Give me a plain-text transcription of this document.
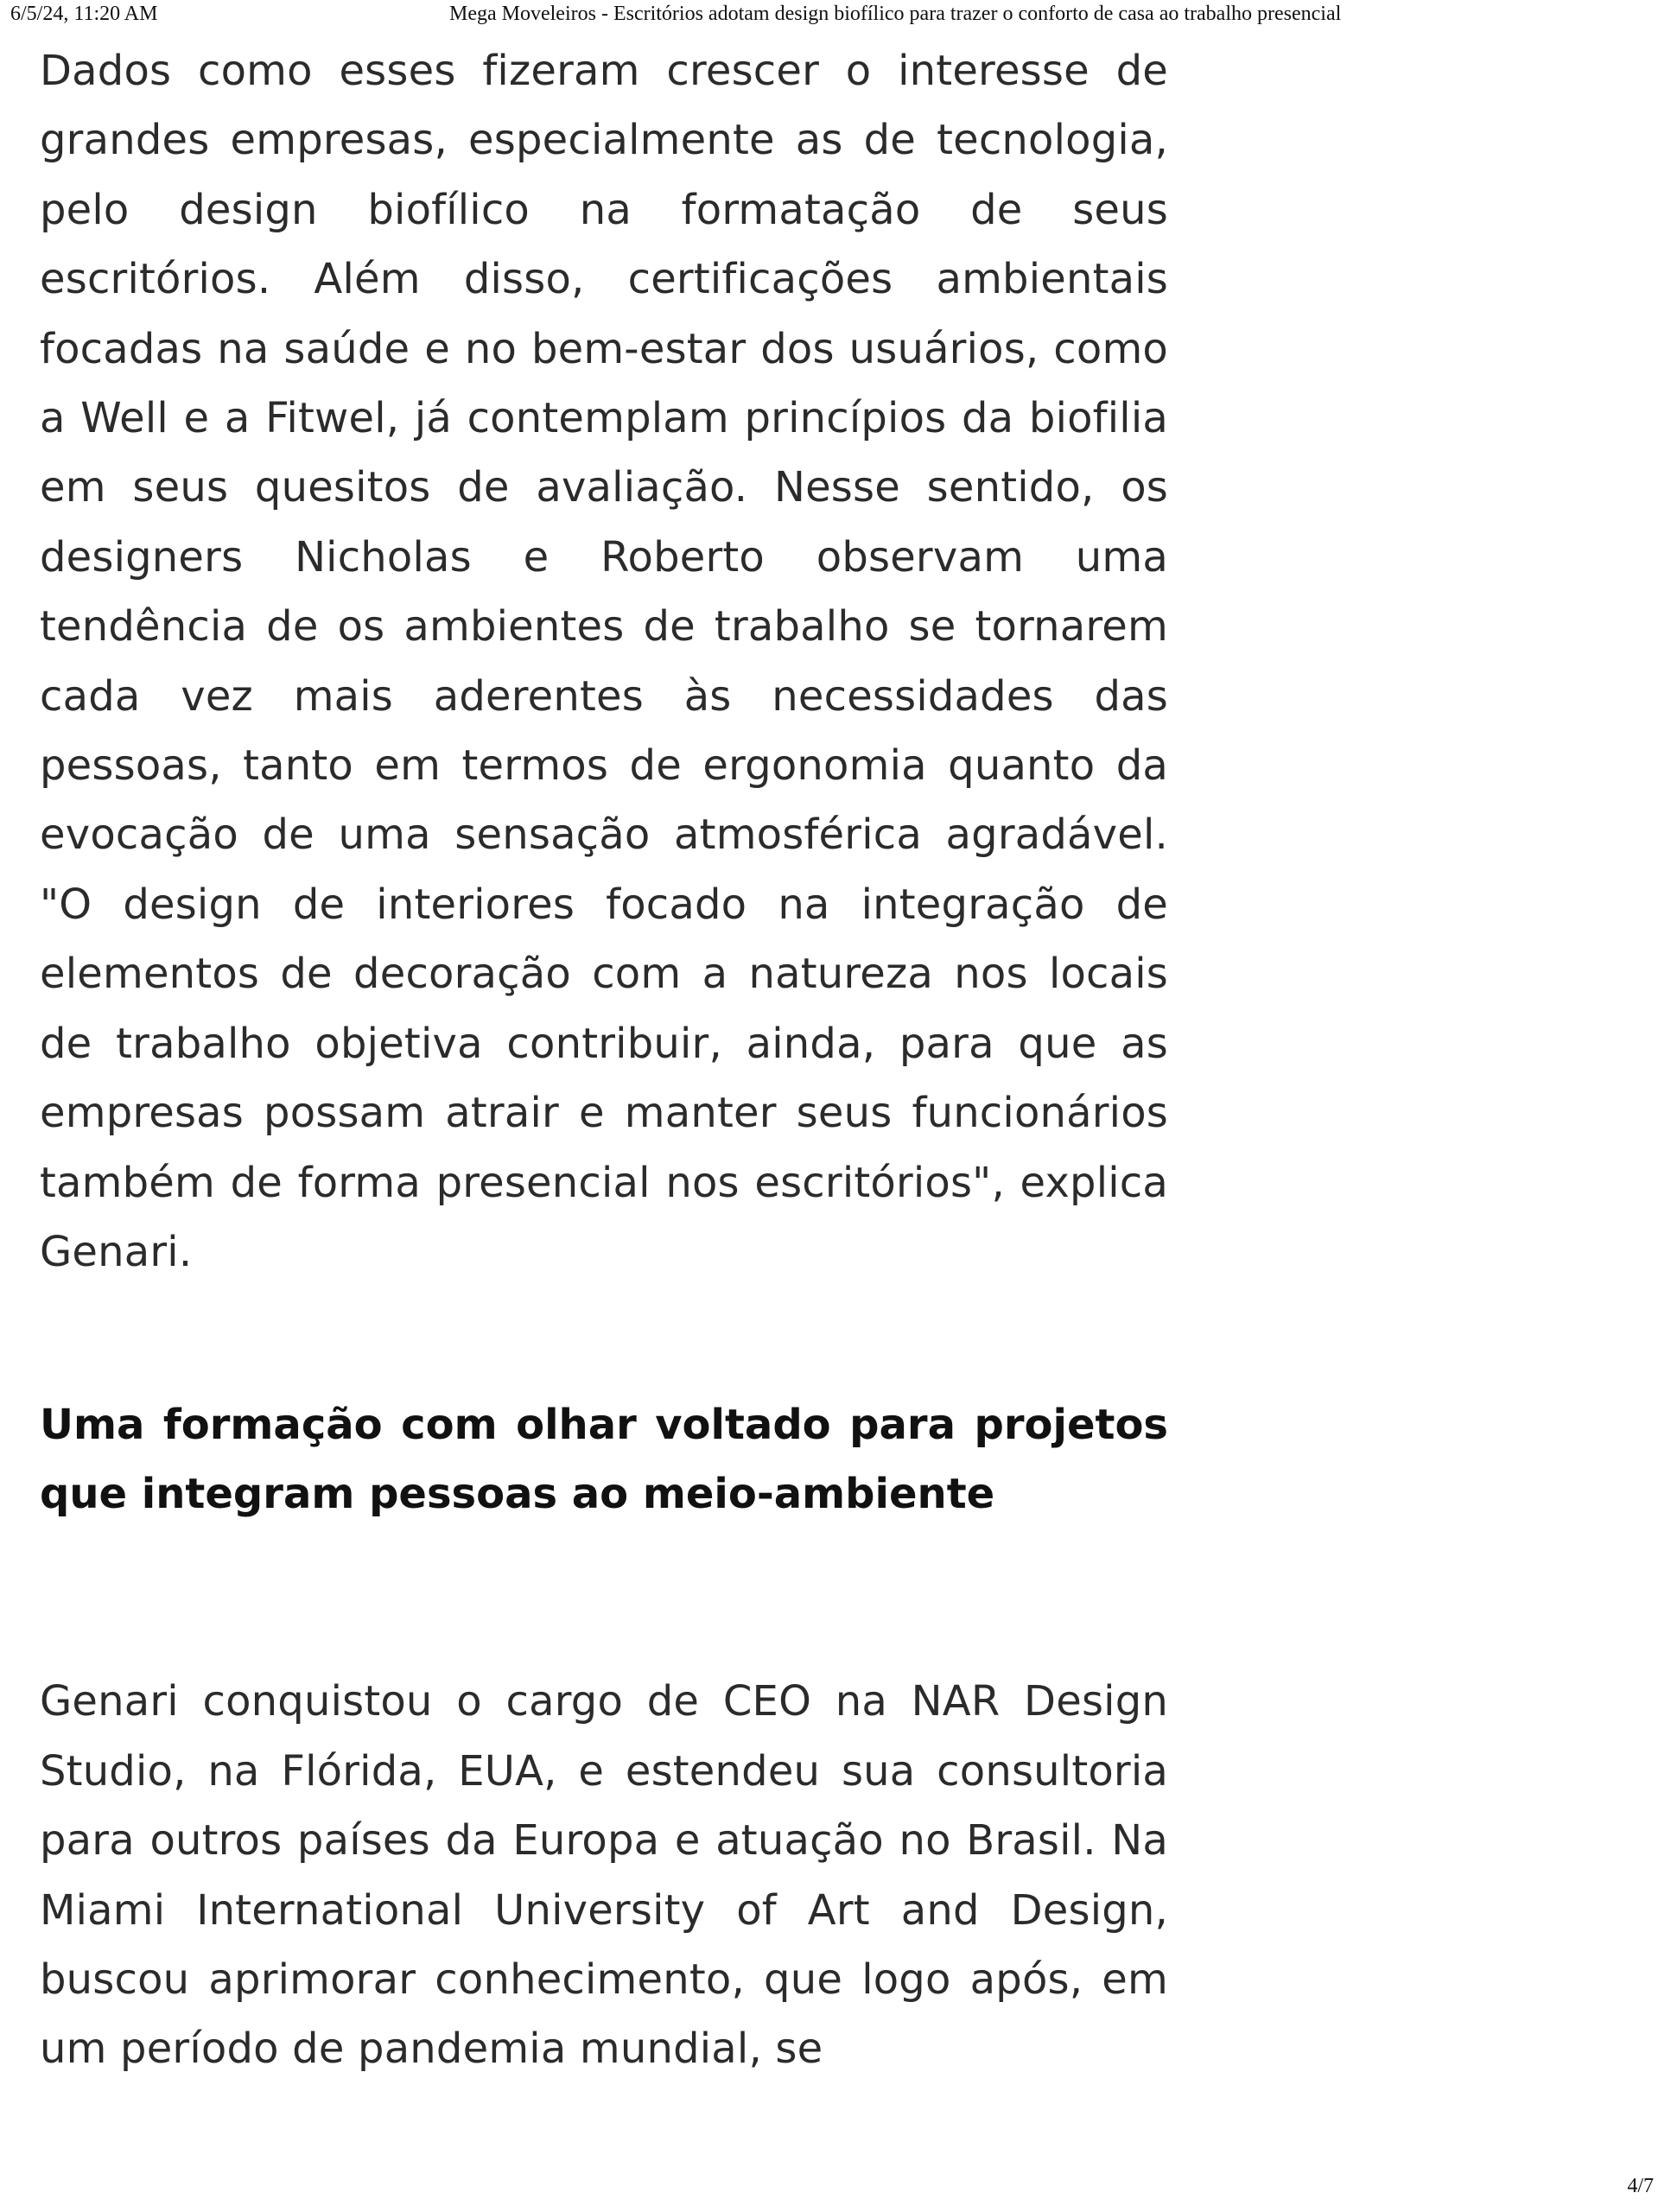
6/5/24, 11:20 AM	Mega Moveleiros - Escritórios adotam design biofílico para trazer o conforto de casa ao trabalho presencial

Dados como esses fizeram crescer o interesse de grandes empresas, especialmente as de tecnologia, pelo design biofílico na formatação de seus escritórios. Além disso, certificações ambientais focadas na saúde e no bem-estar dos usuários, como a Well e a Fitwel, já contemplam princípios da biofilia em seus quesitos de avaliação. Nesse sentido, os designers Nicholas e Roberto observam uma tendência de os ambientes de trabalho se tornarem cada vez mais aderentes às necessidades das pessoas, tanto em termos de ergonomia quanto da evocação de uma sensação atmosférica agradável. "O design de interiores focado na integração de elementos de decoração com a natureza nos locais de trabalho objetiva contribuir, ainda, para que as empresas possam atrair e manter seus funcionários também de forma presencial nos escritórios", explica Genari.

Uma formação com olhar voltado para projetos que integram pessoas ao meio-ambiente

Genari conquistou o cargo de CEO na NAR Design Studio, na Flórida, EUA, e estendeu sua consultoria para outros países da Europa e atuação no Brasil. Na Miami International University of Art and Design, buscou aprimorar conhecimento, que logo após, em um período de pandemia mundial, se

4/7
